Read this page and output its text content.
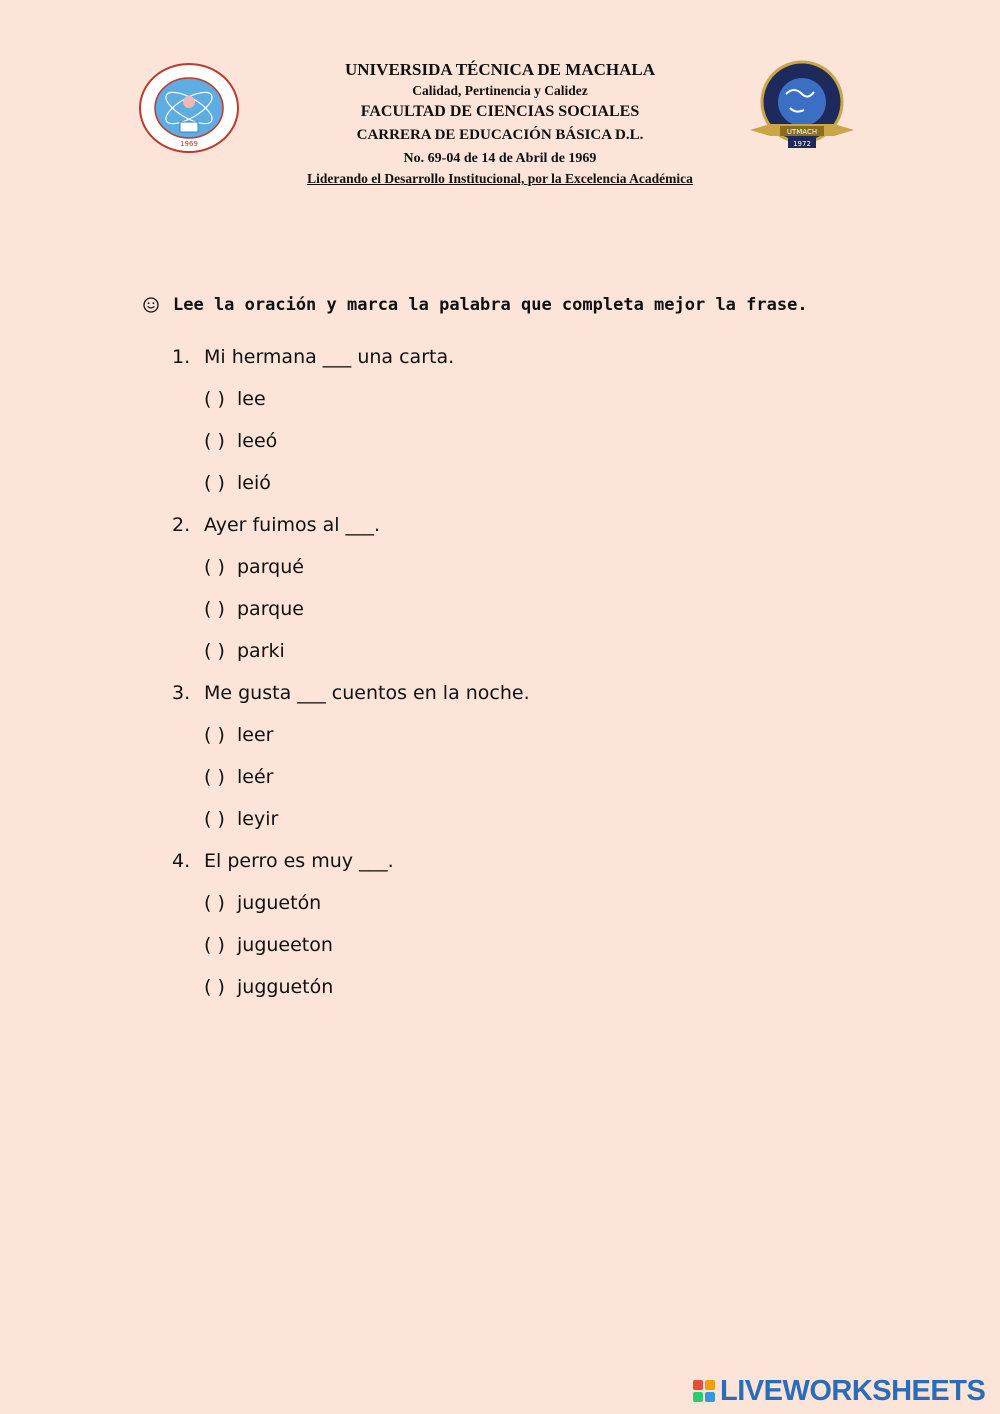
1969
UNIVERSIDA TÉCNICA DE MACHALA
Calidad, Pertinencia y Calidez
FACULTAD DE CIENCIAS SOCIALES
CARRERA DE EDUCACIÓN BÁSICA D.L.
No. 69-04 de 14 de Abril de 1969
Liderando el Desarrollo Institucional, por la Excelencia Académica
UTMACH
1972
Lee la oración y marca la palabra que completa mejor la frase.
1. Mi hermana ___ una carta.
( ) lee
( ) leeó
( ) leió
2. Ayer fuimos al ___.
( ) parqué
( ) parque
( ) parki
3. Me gusta ___ cuentos en la noche.
( ) leer
( ) leér
( ) leyir
4. El perro es muy ___.
( ) juguetón
( ) jugueeton
( ) jugguetón
LIVEWORKSHEETS
